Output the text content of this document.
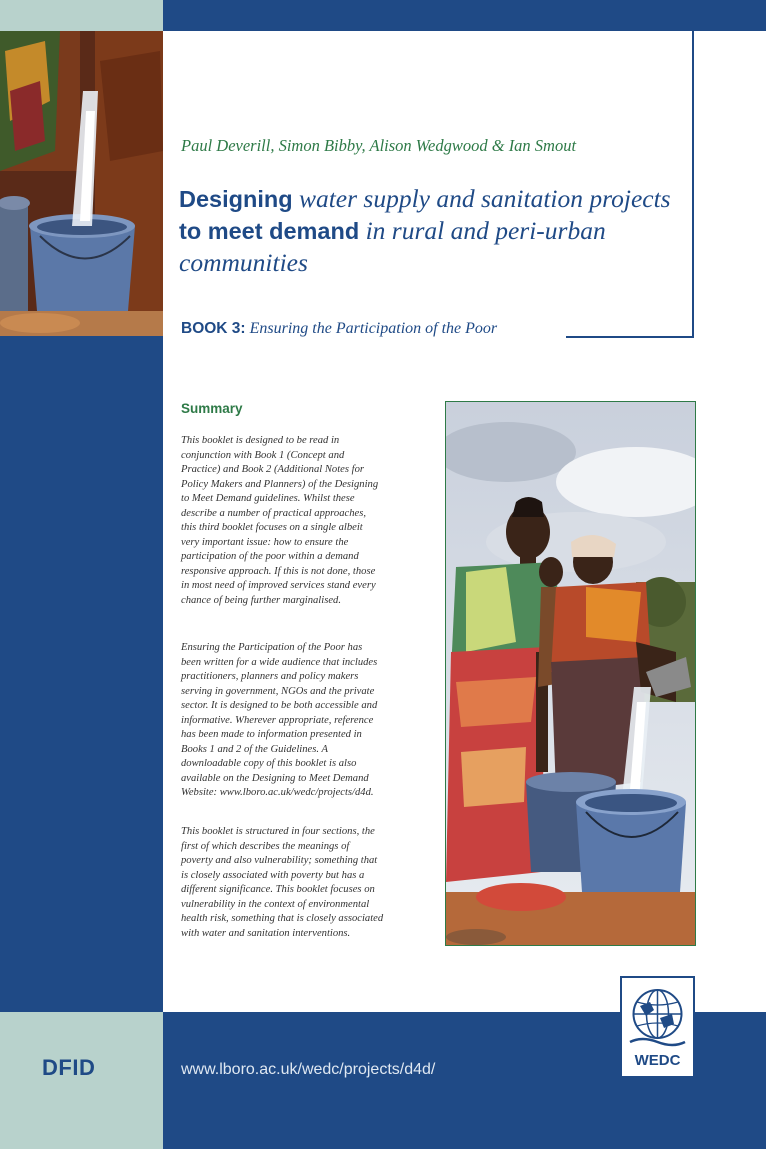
Paul Deverill, Simon Bibby, Alison Wedgwood & Ian Smout
Designing water supply and sanitation projects to meet demand in rural and peri-urban communities
BOOK 3: Ensuring the Participation of the Poor
Summary
This booklet is designed to be read in
conjunction with Book 1 (Concept and
Practice) and Book 2 (Additional Notes for
Policy Makers and Planners) of the Designing
to Meet Demand guidelines. Whilst these
describe a number of practical approaches,
this third booklet focuses on a single albeit
very important issue: how to ensure the
participation of the poor within a demand
responsive approach. If this is not done, those
in most need of improved services stand every
chance of being further marginalised.
Ensuring the Participation of the Poor has
been written for a wide audience that includes
practitioners, planners and policy makers
serving in government, NGOs and the private
sector. It is designed to be both accessible and
informative. Wherever appropriate, reference
has been made to information presented in
Books 1 and 2 of the Guidelines. A
downloadable copy of this booklet is also
available on the Designing to Meet Demand
Website: www.lboro.ac.uk/wedc/projects/d4d.
This booklet is structured in four sections, the
first of which describes the meanings of
poverty and also vulnerability; something that
is closely associated with poverty but has a
different significance. This booklet focuses on
vulnerability in the context of environmental
health risk, something that is closely associated
with water and sanitation interventions.
DFID	www.lboro.ac.uk/wedc/projects/d4d/
WEDC
